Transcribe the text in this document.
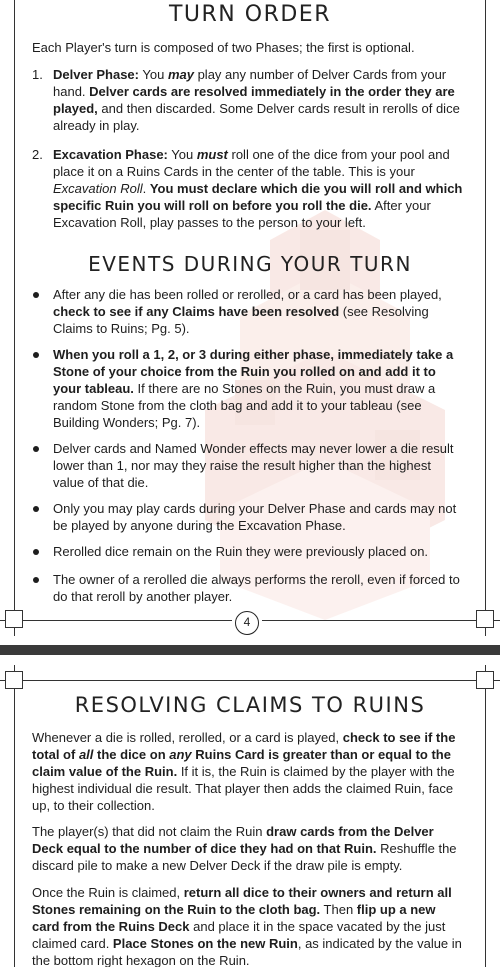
TURN ORDER

Each Player's turn is composed of two Phases; the first is optional.

1. Delver Phase: You may play any number of Delver Cards from your hand. Delver cards are resolved immediately in the order they are played, and then discarded. Some Delver cards result in rerolls of dice already in play.

2. Excavation Phase: You must roll one of the dice from your pool and place it on a Ruins Cards in the center of the table. This is your Excavation Roll. You must declare which die you will roll and which specific Ruin you will roll on before you roll the die. After your Excavation Roll, play passes to the person to your left.

EVENTS DURING YOUR TURN

After any die has been rolled or rerolled, or a card has been played, check to see if any Claims have been resolved (see Resolving Claims to Ruins; Pg. 5).

When you roll a 1, 2, or 3 during either phase, immediately take a Stone of your choice from the Ruin you rolled on and add it to your tableau. If there are no Stones on the Ruin, you must draw a random Stone from the cloth bag and add it to your tableau (see Building Wonders; Pg. 7).

Delver cards and Named Wonder effects may never lower a die result lower than 1, nor may they raise the result higher than the highest value of that die.

Only you may play cards during your Delver Phase and cards may not be played by anyone during the Excavation Phase.

Rerolled dice remain on the Ruin they were previously placed on.

The owner of a rerolled die always performs the reroll, even if forced to do that reroll by another player.

4
RESOLVING CLAIMS TO RUINS

Whenever a die is rolled, rerolled, or a card is played, check to see if the total of all the dice on any Ruins Card is greater than or equal to the claim value of the Ruin. If it is, the Ruin is claimed by the player with the highest individual die result. That player then adds the claimed Ruin, face up, to their collection.

The player(s) that did not claim the Ruin draw cards from the Delver Deck equal to the number of dice they had on that Ruin. Reshuffle the discard pile to make a new Delver Deck if the draw pile is empty.

Once the Ruin is claimed, return all dice to their owners and return all Stones remaining on the Ruin to the cloth bag. Then flip up a new card from the Ruins Deck and place it in the space vacated by the just claimed card. Place Stones on the new Ruin, as indicated by the value in the bottom right hexagon on the Ruin.
